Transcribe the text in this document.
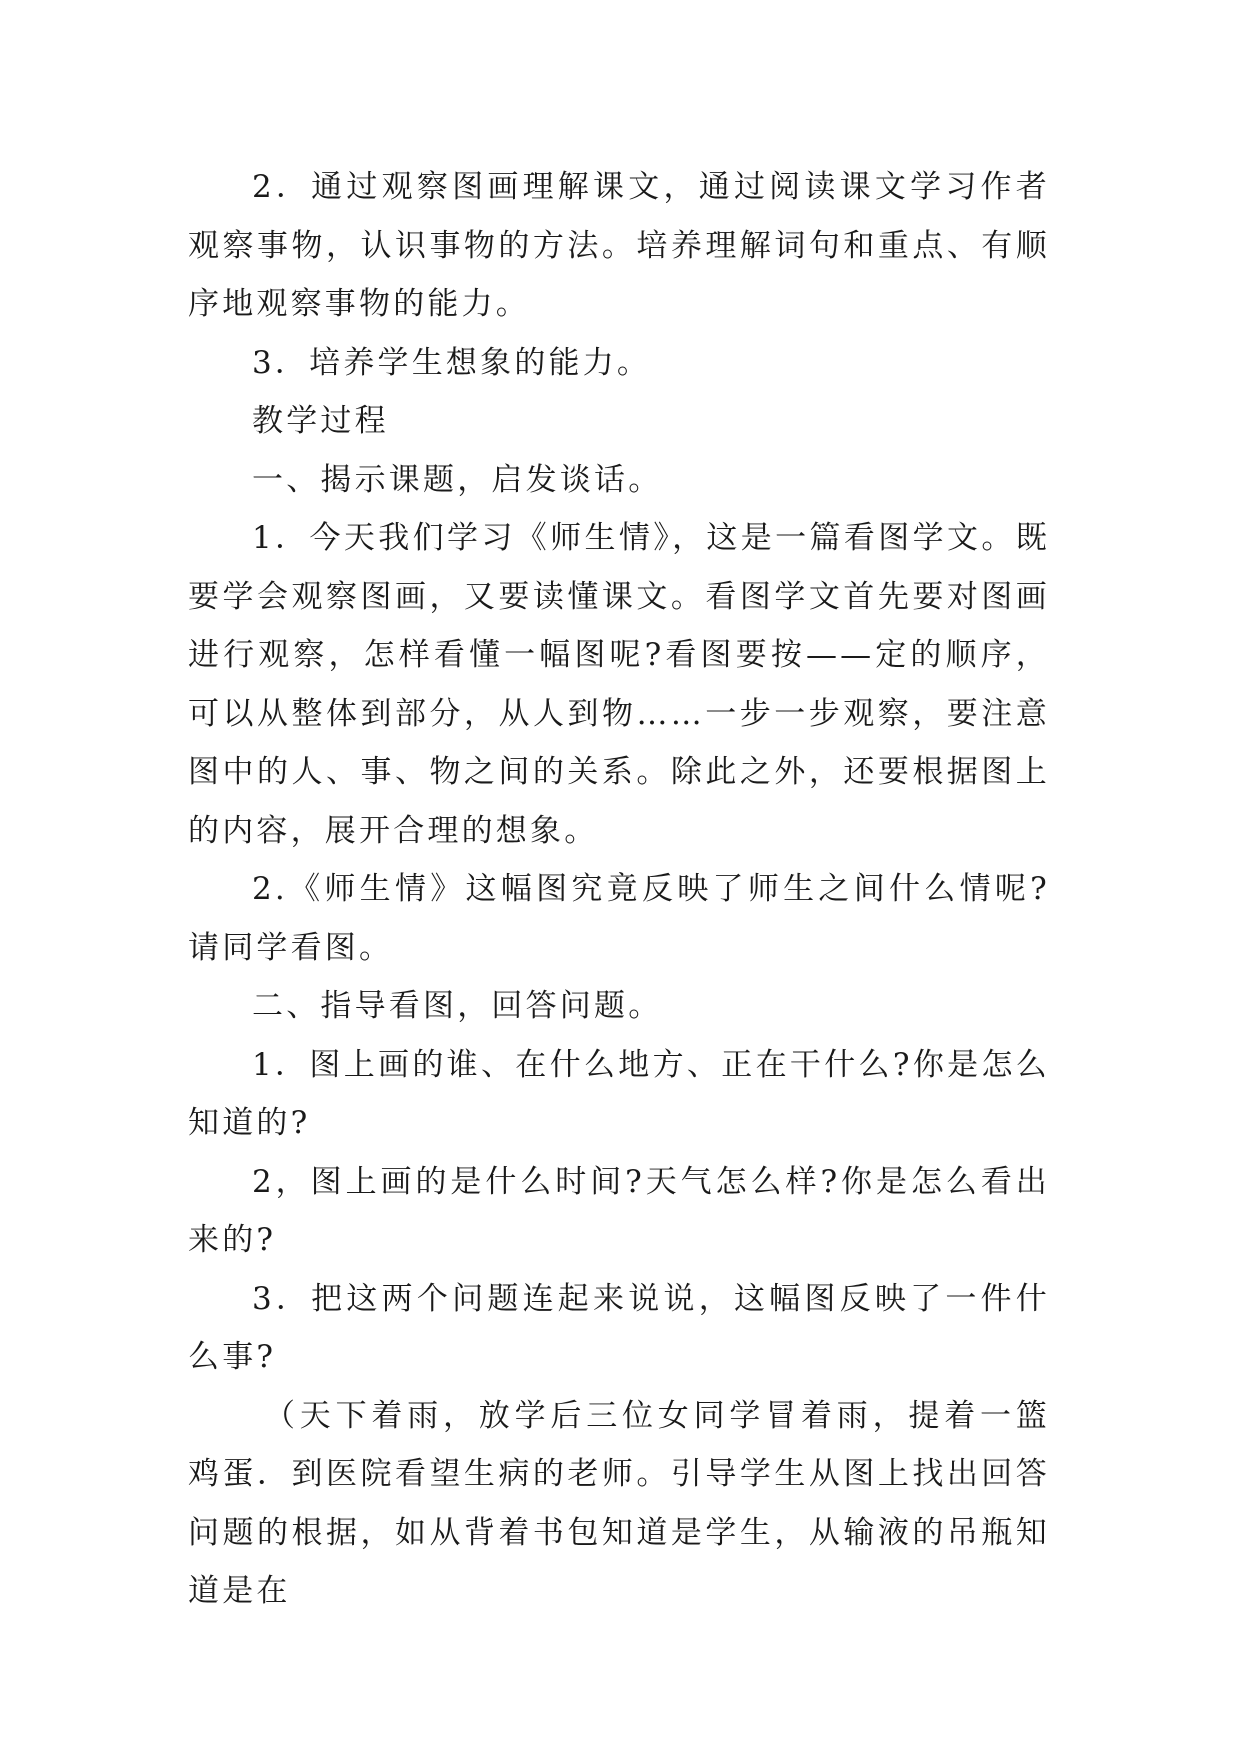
2．通过观察图画理解课文，通过阅读课文学习作者观察事物，认识事物的方法。培养理解词句和重点、有顺序地观察事物的能力。

3．培养学生想象的能力。

教学过程

一、揭示课题，启发谈话。

1．今天我们学习《师生情》，这是一篇看图学文。既要学会观察图画，又要读懂课文。看图学文首先要对图画进行观察，怎样看懂一幅图呢?看图要按——定的顺序，可以从整体到部分，从人到物……一步一步观察，要注意图中的人、事、物之间的关系。除此之外，还要根据图上的内容，展开合理的想象。

2.《师生情》这幅图究竟反映了师生之间什么情呢?请同学看图。

二、指导看图，回答问题。

1．图上画的谁、在什么地方、正在干什么?你是怎么知道的?

2，图上画的是什么时间?天气怎么样?你是怎么看出来的?

3．把这两个问题连起来说说，这幅图反映了一件什么事?

（天下着雨，放学后三位女同学冒着雨，提着一篮鸡蛋．到医院看望生病的老师。引导学生从图上找出回答问题的根据，如从背着书包知道是学生，从输液的吊瓶知道是在
